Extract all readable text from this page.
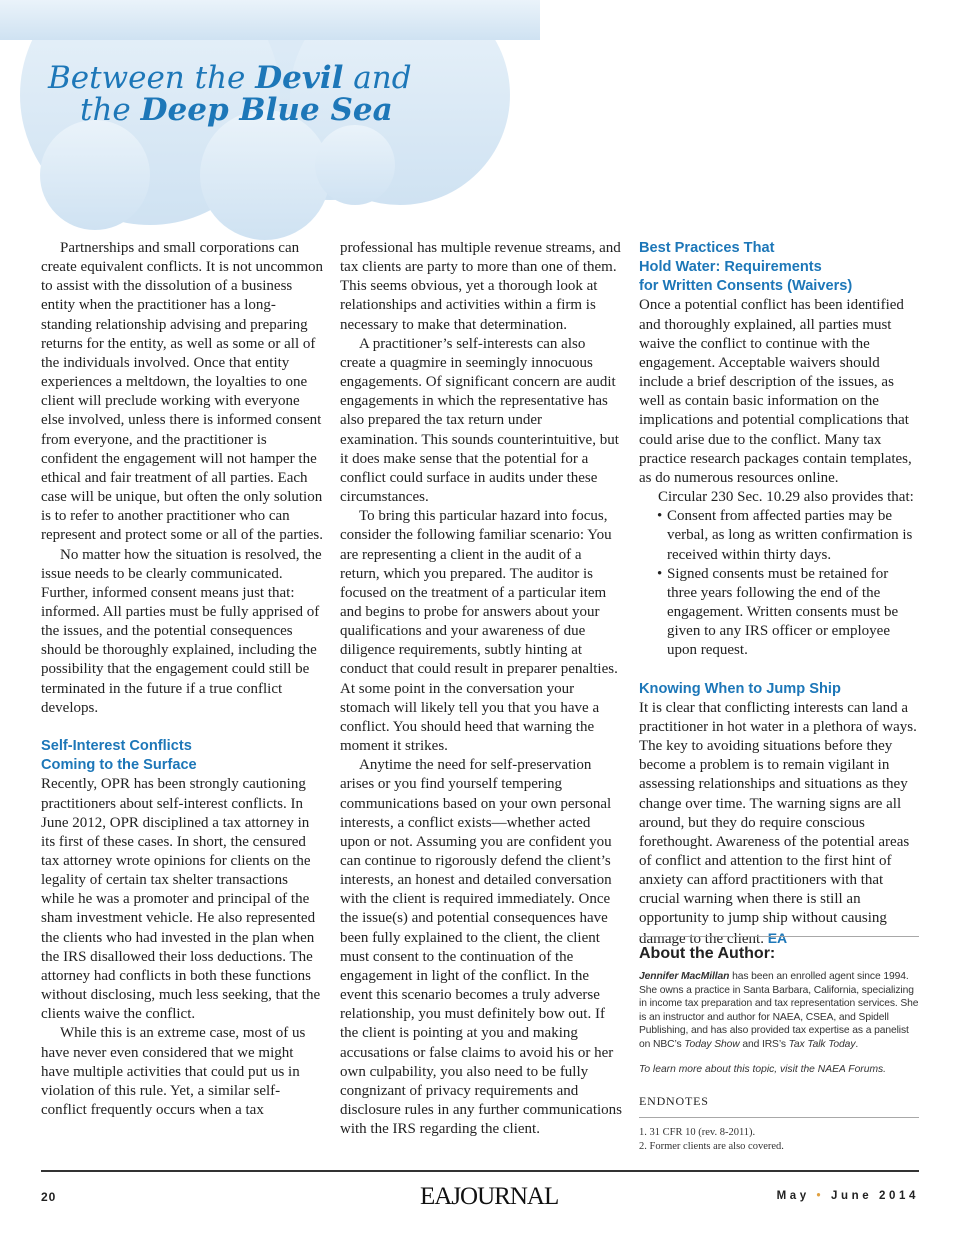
Between the Devil and
the Deep Blue Sea

Partnerships and small corporations can create equivalent conflicts. It is not uncommon to assist with the dissolution of a business entity when the practitioner has a long-standing relationship advising and preparing returns for the entity, as well as some or all of the individuals involved. Once that entity experiences a meltdown, the loyalties to one client will preclude working with everyone else involved, unless there is informed consent from everyone, and the practitioner is confident the engagement will not hamper the ethical and fair treatment of all parties. Each case will be unique, but often the only solution is to refer to another practitioner who can represent and protect some or all of the parties.

No matter how the situation is resolved, the issue needs to be clearly communicated. Further, informed consent means just that: informed. All parties must be fully apprised of the issues, and the potential consequences should be thoroughly explained, including the possibility that the engagement could still be terminated in the future if a true conflict develops.

Self-Interest Conflicts
Coming to the Surface

Recently, OPR has been strongly cautioning practitioners about self-interest conflicts. In June 2012, OPR disciplined a tax attorney in its first of these cases. In short, the censured tax attorney wrote opinions for clients on the legality of certain tax shelter transactions while he was a promoter and principal of the sham investment vehicle. He also represented the clients who had invested in the plan when the IRS disallowed their loss deductions. The attorney had conflicts in both these functions without disclosing, much less seeking, that the clients waive the conflict.

While this is an extreme case, most of us have never even considered that we might have multiple activities that could put us in violation of this rule. Yet, a similar self-conflict frequently occurs when a tax

professional has multiple revenue streams, and tax clients are party to more than one of them. This seems obvious, yet a thorough look at relationships and activities within a firm is necessary to make that determination.

A practitioner’s self-interests can also create a quagmire in seemingly innocuous engagements. Of significant concern are audit engagements in which the representative has also prepared the tax return under examination. This sounds counterintuitive, but it does make sense that the potential for a conflict could surface in audits under these circumstances.

To bring this particular hazard into focus, consider the following familiar scenario: You are representing a client in the audit of a return, which you prepared. The auditor is focused on the treatment of a particular item and begins to probe for answers about your qualifications and your awareness of due diligence requirements, subtly hinting at conduct that could result in preparer penalties. At some point in the conversation your stomach will likely tell you that you have a conflict. You should heed that warning the moment it strikes.

Anytime the need for self-preservation arises or you find yourself tempering communications based on your own personal interests, a conflict exists—whether acted upon or not. Assuming you are confident you can continue to rigorously defend the client’s interests, an honest and detailed conversation with the client is required immediately. Once the issue(s) and potential consequences have been fully explained to the client, the client must consent to the continuation of the engagement in light of the conflict. In the event this scenario becomes a truly adverse relationship, you must definitely bow out. If the client is pointing at you and making accusations or false claims to avoid his or her own culpability, you also need to be fully congnizant of privacy requirements and disclosure rules in any further communications with the IRS regarding the client.

Best Practices That
Hold Water: Requirements
for Written Consents (Waivers)

Once a potential conflict has been identified and thoroughly explained, all parties must waive the conflict to continue with the engagement. Acceptable waivers should include a brief description of the issues, as well as contain basic information on the implications and potential complications that could arise due to the conflict. Many tax practice research packages contain templates, as do numerous resources online.

Circular 230 Sec. 10.29 also provides that:

• Consent from affected parties may be verbal, as long as written confirmation is received within thirty days.
• Signed consents must be retained for three years following the end of the engagement. Written consents must be given to any IRS officer or employee upon request.

Knowing When to Jump Ship

It is clear that conflicting interests can land a practitioner in hot water in a plethora of ways. The key to avoiding situations before they become a problem is to remain vigilant in assessing relationships and situations as they change over time. The warning signs are all around, but they do require conscious forethought. Awareness of the potential areas of conflict and attention to the first hint of anxiety can afford practitioners with that crucial warning when there is still an opportunity to jump ship without causing damage to the client. EA

About the Author:

Jennifer MacMillan has been an enrolled agent since 1994. She owns a practice in Santa Barbara, California, specializing in income tax preparation and tax representation services. She is an instructor and author for NAEA, CSEA, and Spidell Publishing, and has also provided tax expertise as a panelist on NBC’s Today Show and IRS’s Tax Talk Today.

To learn more about this topic, visit the NAEA Forums.

ENDNOTES

1. 31 CFR 10 (rev. 8-2011).
2. Former clients are also covered.
20	EAJOURNAL	May • June 2014
